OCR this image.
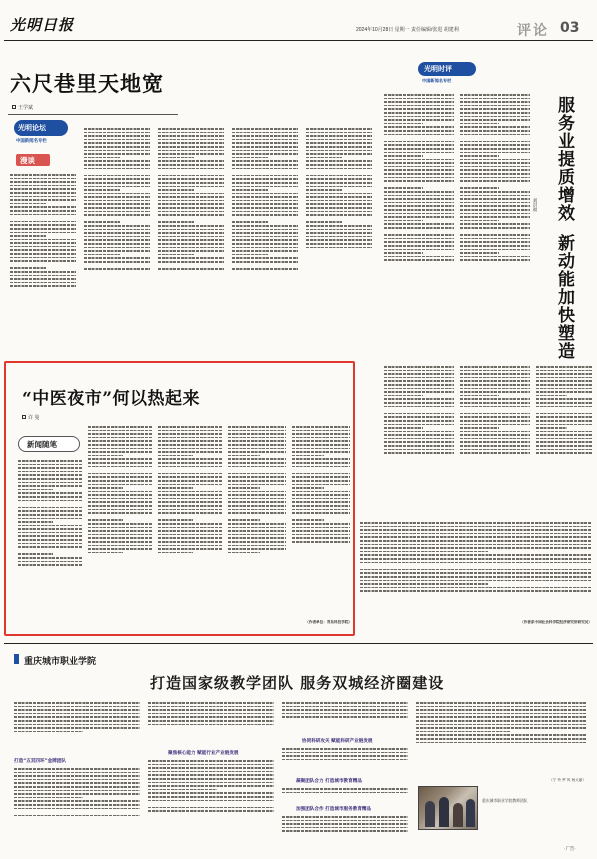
光明日报	2024年10月28日 星期一 责任编辑/张进 胡建利	评论 03
六尺巷里天地宽
王学斌
光明论坛
中国新闻名专栏
漫谈
光明时评
中国新闻名专栏
服务业提质增效
新动能加快塑造
刘洪福
（作者系中国社会科学院经济研究所研究员）
“中医夜市”何以热起来
许 曼
新闻随笔
（作者单位：青岛科技学院）
重庆城市职业学院
打造国家级教学团队 服务双城经济圈建设
打造“五双四环”金牌团队
聚焦核心能力 赋能行业产业链发展
协同科研攻关 赋能科研产业链发展
凝聚团队合力 打造城市教育精品
加强团队合作 打造城市服务教育精品
（宁 玲 罗 风 杨大丽）
重庆城市职业学院教师团队
·广告·
